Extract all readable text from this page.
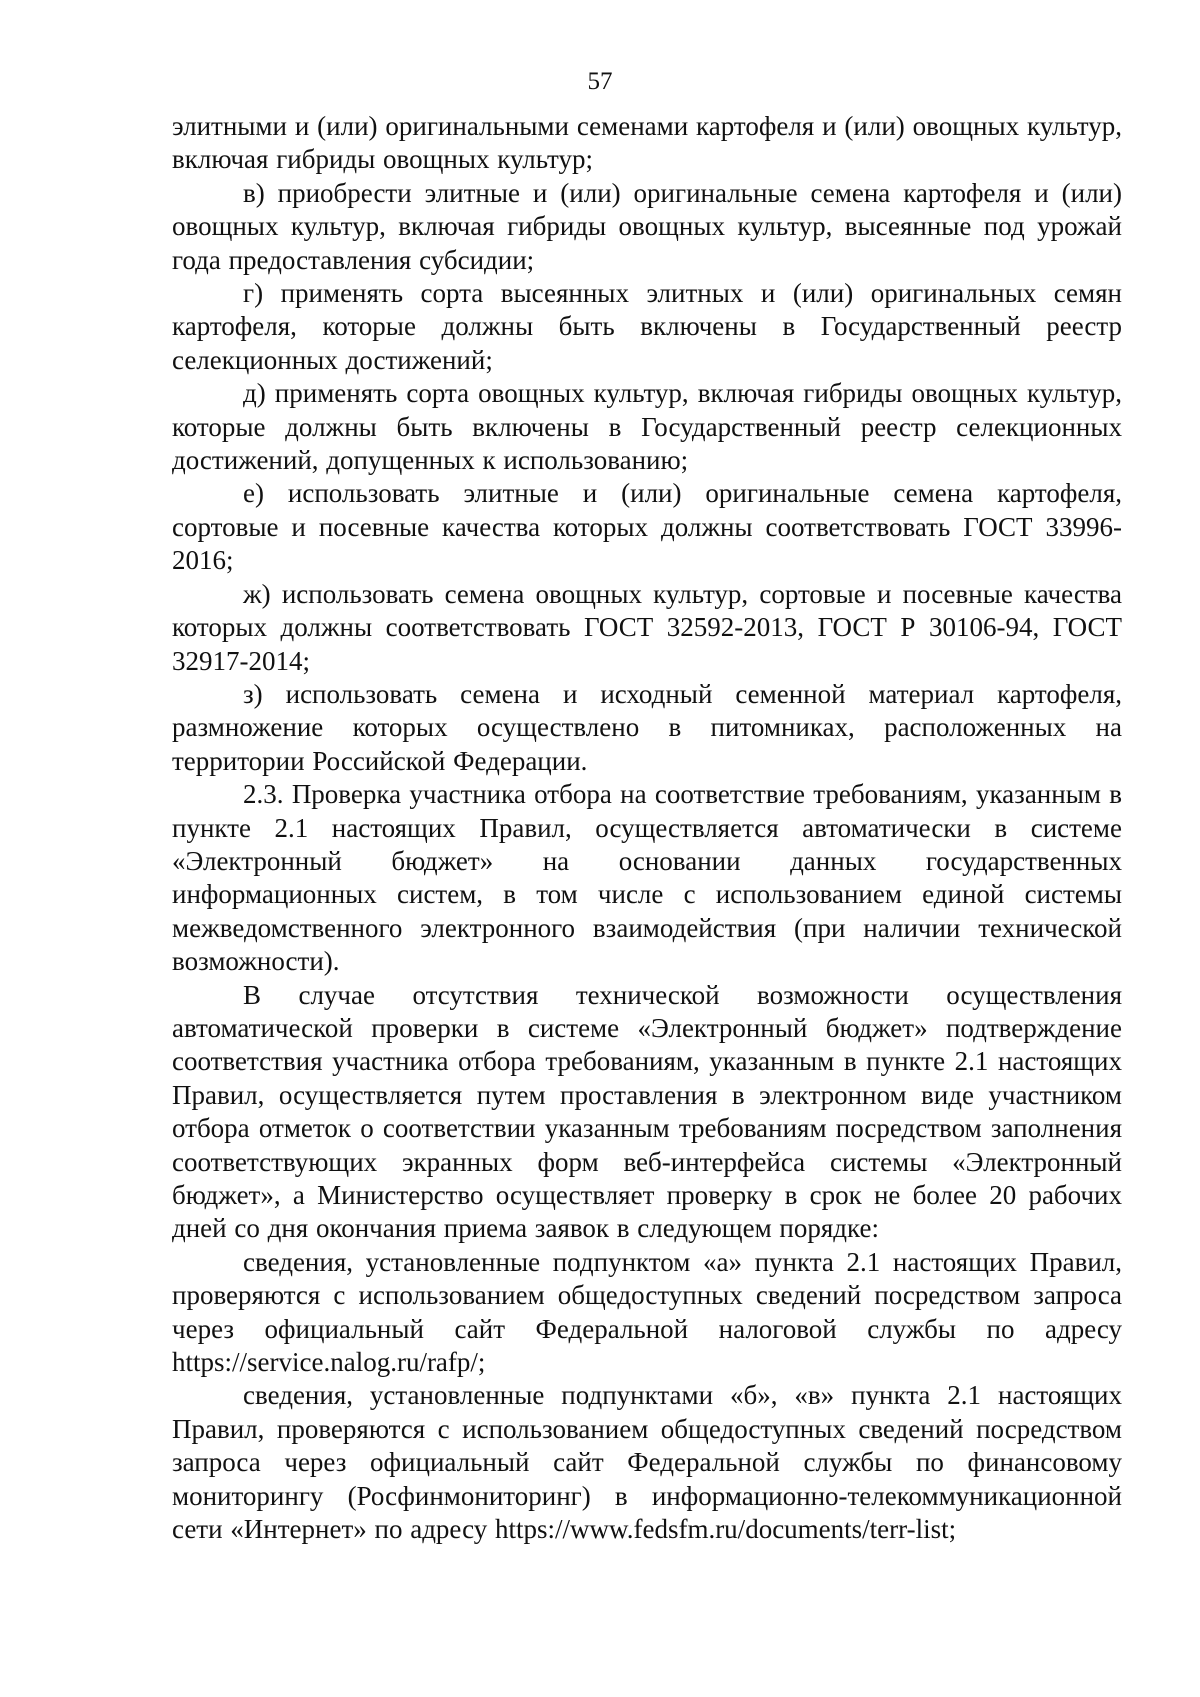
57

элитными и (или) оригинальными семенами картофеля и (или) овощных культур, включая гибриды овощных культур;

в) приобрести элитные и (или) оригинальные семена картофеля и (или) овощных культур, включая гибриды овощных культур, высеянные под урожай года предоставления субсидии;

г) применять сорта высеянных элитных и (или) оригинальных семян картофеля, которые должны быть включены в Государственный реестр селекционных достижений;

д) применять сорта овощных культур, включая гибриды овощных культур, которые должны быть включены в Государственный реестр селекционных достижений, допущенных к использованию;

е) использовать элитные и (или) оригинальные семена картофеля, сортовые и посевные качества которых должны соответствовать ГОСТ 33996-2016;

ж) использовать семена овощных культур, сортовые и посевные качества которых должны соответствовать ГОСТ 32592-2013, ГОСТ Р 30106-94, ГОСТ 32917-2014;

з) использовать семена и исходный семенной материал картофеля, размножение которых осуществлено в питомниках, расположенных на территории Российской Федерации.

2.3. Проверка участника отбора на соответствие требованиям, указанным в пункте 2.1 настоящих Правил, осуществляется автоматически в системе «Электронный бюджет» на основании данных государственных информационных систем, в том числе с использованием единой системы межведомственного электронного взаимодействия (при наличии технической возможности).

В случае отсутствия технической возможности осуществления автоматической проверки в системе «Электронный бюджет» подтверждение соответствия участника отбора требованиям, указанным в пункте 2.1 настоящих Правил, осуществляется путем проставления в электронном виде участником отбора отметок о соответствии указанным требованиям посредством заполнения соответствующих экранных форм веб-интерфейса системы «Электронный бюджет», а Министерство осуществляет проверку в срок не более 20 рабочих дней со дня окончания приема заявок в следующем порядке:

сведения, установленные подпунктом «а» пункта 2.1 настоящих Правил, проверяются с использованием общедоступных сведений посредством запроса через официальный сайт Федеральной налоговой службы по адресу https://service.nalog.ru/rafp/;

сведения, установленные подпунктами «б», «в» пункта 2.1 настоящих Правил, проверяются с использованием общедоступных сведений посредством запроса через официальный сайт Федеральной службы по финансовому мониторингу (Росфинмониторинг) в информационно-телекоммуникационной сети «Интернет» по адресу https://www.fedsfm.ru/documents/terr-list;
